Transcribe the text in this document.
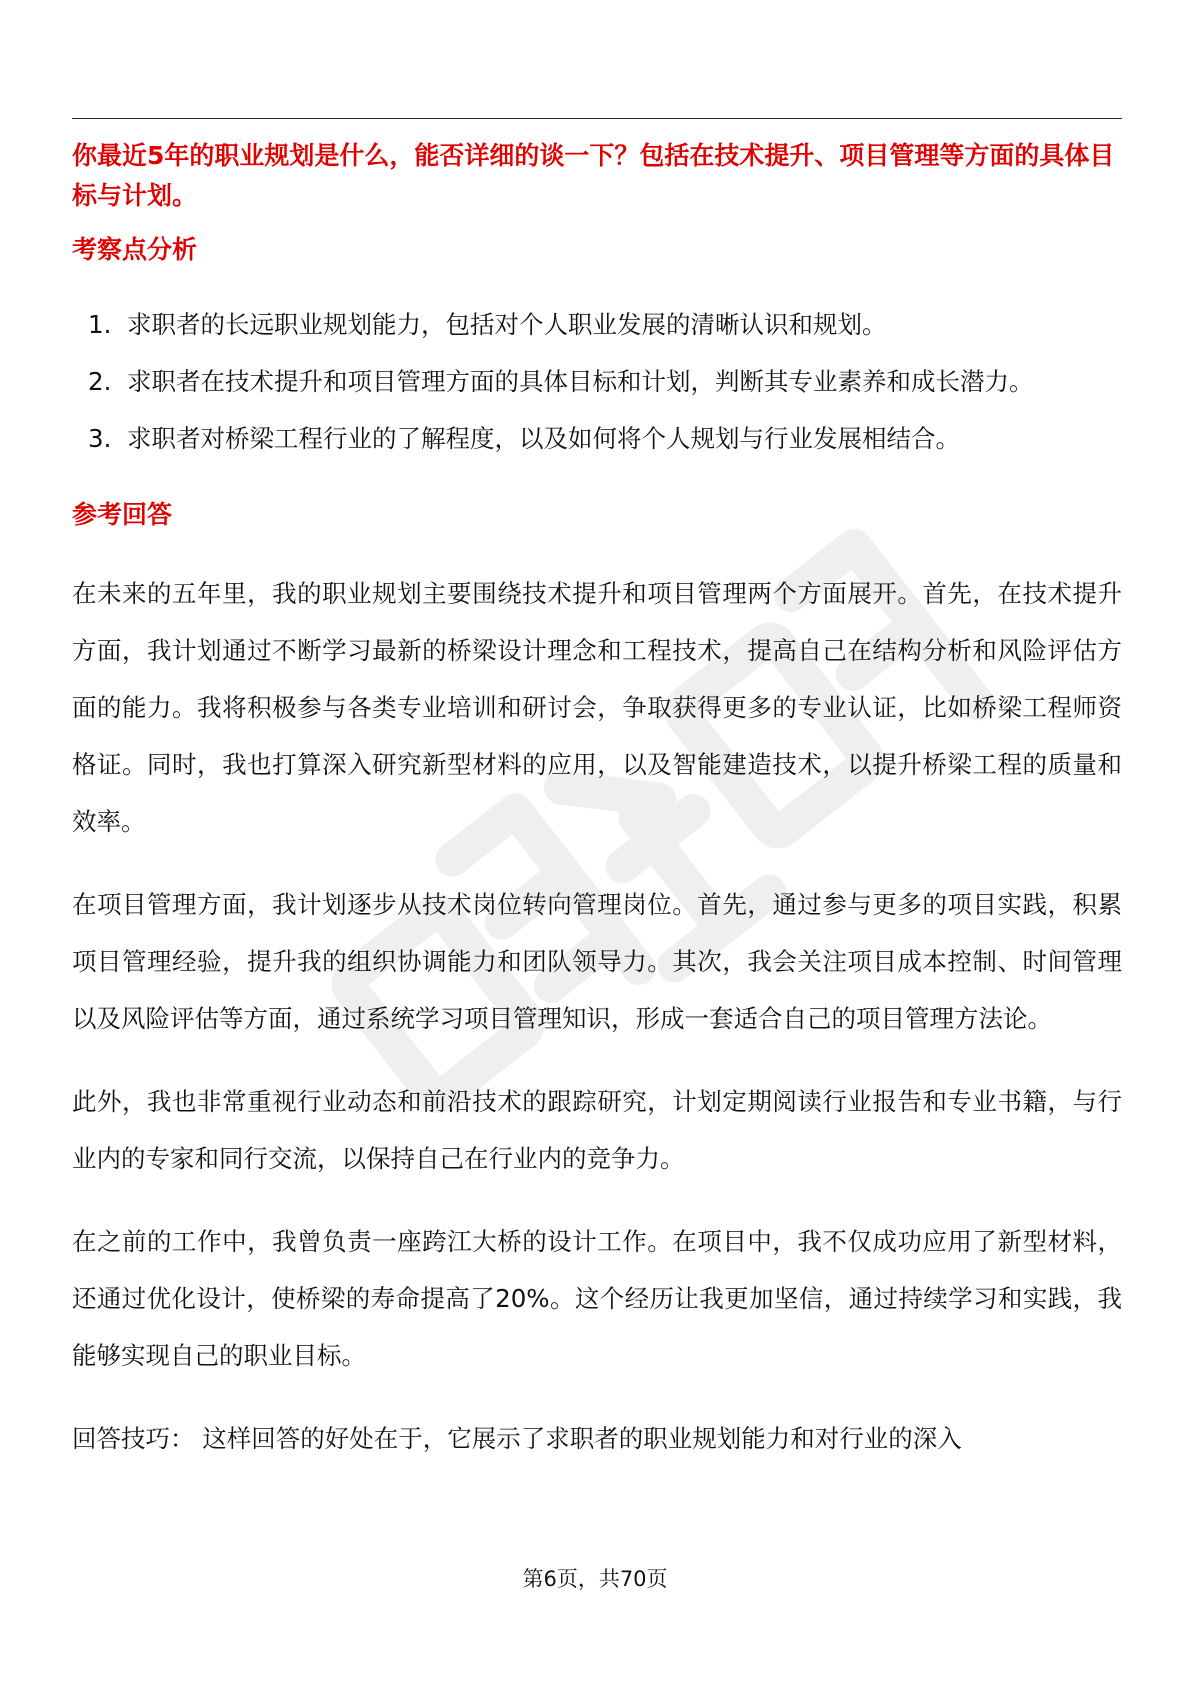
你最近5年的职业规划是什么，能否详细的谈一下？包括在技术提升、项目管理等方面的具体目标与计划。

考察点分析
1. 求职者的长远职业规划能力，包括对个人职业发展的清晰认识和规划。
2. 求职者在技术提升和项目管理方面的具体目标和计划，判断其专业素养和成长潜力。
3. 求职者对桥梁工程行业的了解程度，以及如何将个人规划与行业发展相结合。
参考回答

在未来的五年里，我的职业规划主要围绕技术提升和项目管理两个方面展开。首先，在技术提升方面，我计划通过不断学习最新的桥梁设计理念和工程技术，提高自己在结构分析和风险评估方面的能力。我将积极参与各类专业培训和研讨会，争取获得更多的专业认证，比如桥梁工程师资格证。同时，我也打算深入研究新型材料的应用，以及智能建造技术，以提升桥梁工程的质量和效率。

在项目管理方面，我计划逐步从技术岗位转向管理岗位。首先，通过参与更多的项目实践，积累项目管理经验，提升我的组织协调能力和团队领导力。其次，我会关注项目成本控制、时间管理以及风险评估等方面，通过系统学习项目管理知识，形成一套适合自己的项目管理方法论。

此外，我也非常重视行业动态和前沿技术的跟踪研究，计划定期阅读行业报告和专业书籍，与行业内的专家和同行交流，以保持自己在行业内的竞争力。

在之前的工作中，我曾负责一座跨江大桥的设计工作。在项目中，我不仅成功应用了新型材料，还通过优化设计，使桥梁的寿命提高了20%。这个经历让我更加坚信，通过持续学习和实践，我能够实现自己的职业目标。

回答技巧： 这样回答的好处在于，它展示了求职者的职业规划能力和对行业的深入

第6页，共70页
